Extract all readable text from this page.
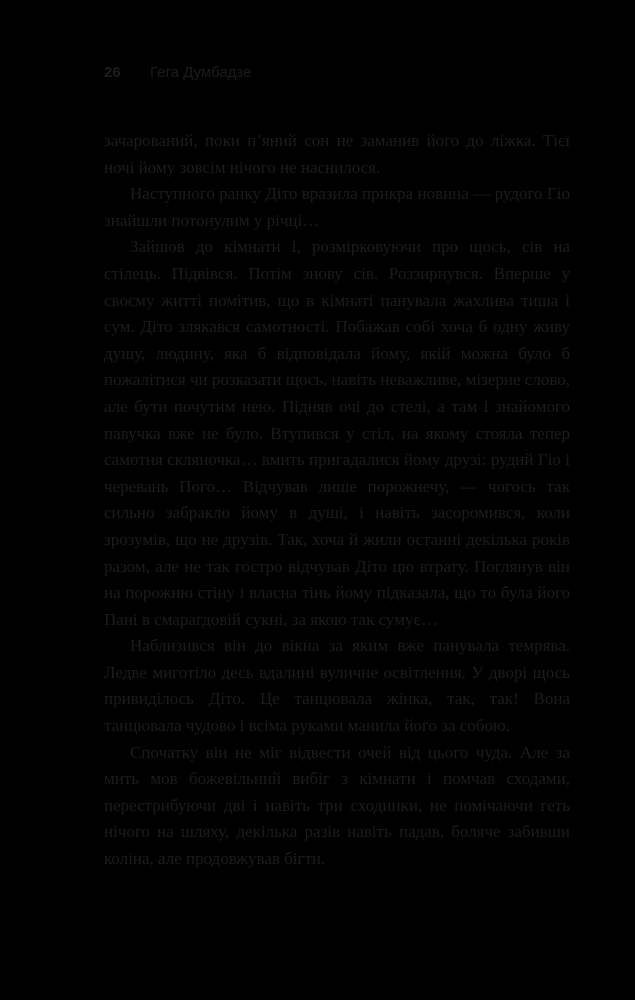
26	Гега Думбадзе

зачарований, поки п’яний сон не заманив його до ліжка. Тієї ночі йому зовсім нічого не наснилося.

Наступного ранку Діто вразила прикра новина — рудого Гіо знайшли потонулим у річці…

Зайшов до кімнати і, розмірковуючи про щось, сів на стілець. Підвівся. Потім знову сів. Роззирнувся. Вперше у своєму житті помітив, що в кімнаті панувала жахлива тиша і сум. Діто злякався самотності. Побажав собі хоча б одну живу душу, людину, яка б відповідала йому, якій можна було б пожалітися чи розказати щось, навіть неважливе, мізерне слово, але бути почутим нею. Підняв очі до стелі, а там і знайомого павучка вже не було. Втупився у стіл, на якому стояла тепер самотня скляночка… вмить пригадалися йому друзі: рудий Гіо і черевань Пого… Відчував лише порожнечу, — чогось так сильно забракло йому в душі, і навіть засоромився, коли зрозумів, що не друзів. Так, хоча й жили останні декілька років разом, але не так гостро відчував Діто цю втрату. Поглянув він на порожню стіну і власна тінь йому підказала, що то була його Пані в смарагдовій сукні, за якою так сумує…

Наблизився він до вікна за яким вже панувала темрява. Ледве миготіло десь вдалині вуличне освітлення. У дворі щось привиділось Діто. Це танцювала жінка, так, так! Вона танцювала чудово і всіма руками манила його за собою.

Спочатку він не міг відвести очей від цього чуда. Але за мить мов божевільний вибіг з кімнати і помчав сходами, перестрибуючи дві і навіть три сходинки, не помічаючи геть нічого на шляху, декілька разів навіть падав, боляче забивши коліна, але продовжував бігти.
